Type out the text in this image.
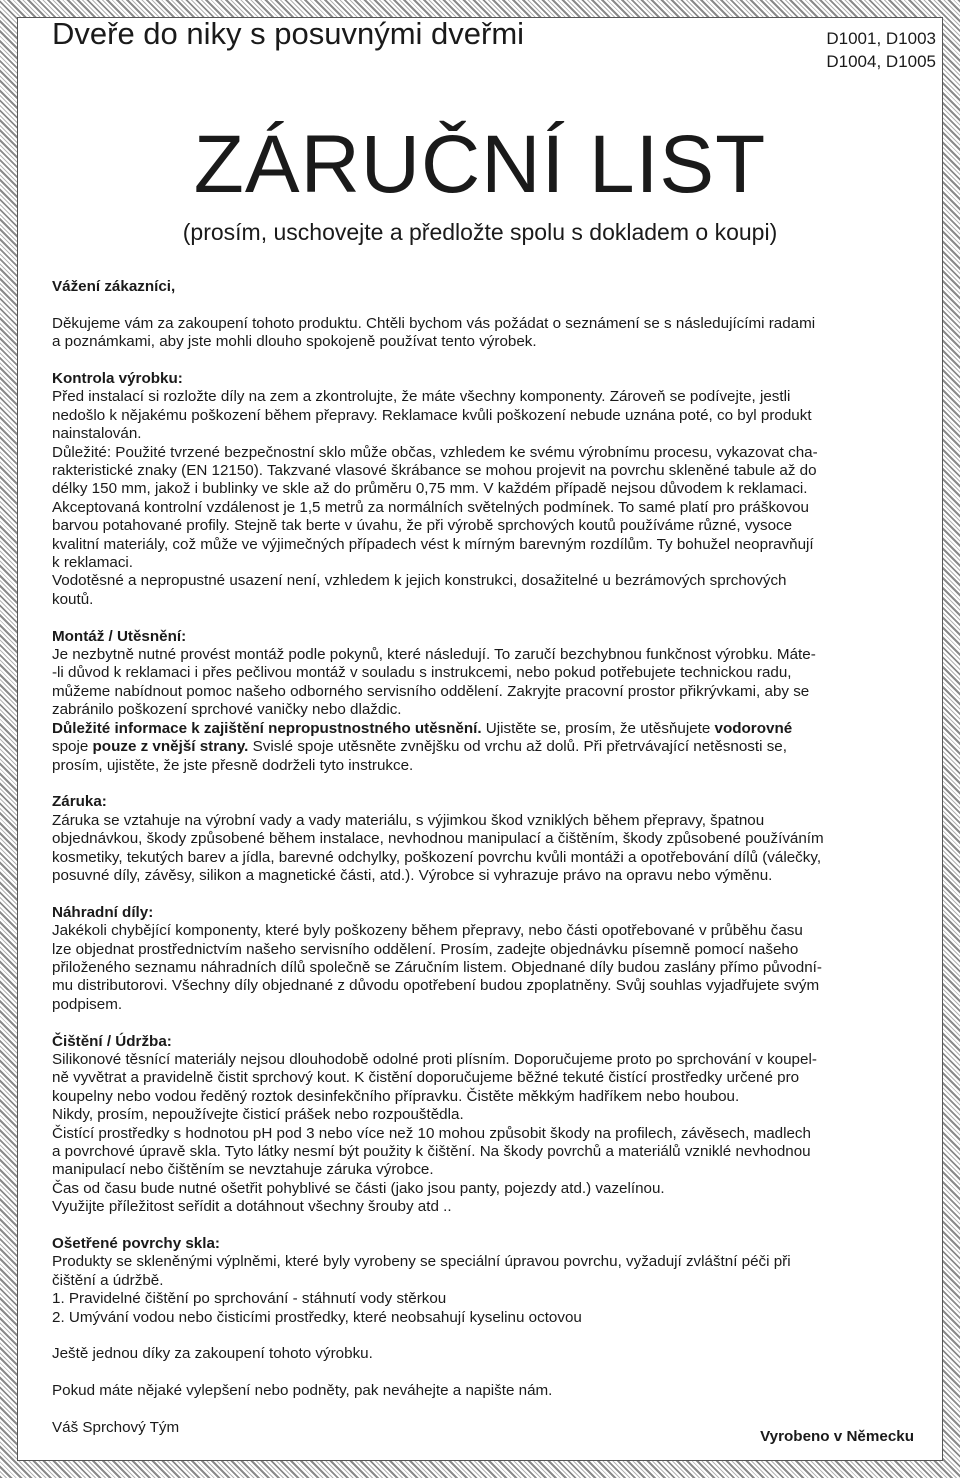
Dveře do niky s posuvnými dveřmi	D1001, D1003
D1004, D1005
ZÁRUČNÍ LIST
(prosím, uschovejte a předložte spolu s dokladem o koupi)

Vážení zákazníci,

Děkujeme vám za zakoupení tohoto produktu. Chtěli bychom vás požádat o seznámení se s následujícími radami

a poznámkami, aby jste mohli dlouho spokojeně používat tento výrobek.

Kontrola výrobku:

Před instalací si rozložte díly na zem a zkontrolujte, že máte všechny komponenty. Zároveň se podívejte, jestli

nedošlo k nějakému poškození během přepravy. Reklamace kvůli poškození nebude uznána poté, co byl produkt

nainstalován.

Důležité: Použité tvrzené bezpečnostní sklo může občas, vzhledem ke svému výrobnímu procesu, vykazovat cha-

rakteristické znaky (EN 12150). Takzvané vlasové škrábance se mohou projevit na povrchu skleněné tabule až do

délky 150 mm, jakož i bublinky ve skle až do průměru 0,75 mm. V každém případě nejsou důvodem k reklamaci.

Akceptovaná kontrolní vzdálenost je 1,5 metrů za normálních světelných podmínek. To samé platí pro práškovou

barvou potahované profily. Stejně tak berte v úvahu, že při výrobě sprchových koutů používáme různé, vysoce

kvalitní materiály, což může ve výjimečných případech vést k mírným barevným rozdílům. Ty bohužel neopravňují

k reklamaci.

Vodotěsné a nepropustné usazení není, vzhledem k jejich konstrukci, dosažitelné u bezrámových sprchových

koutů.

Montáž / Utěsnění:

Je nezbytně nutné provést montáž podle pokynů, které následují. To zaručí bezchybnou funkčnost výrobku. Máte-

-li důvod k reklamaci i přes pečlivou montáž v souladu s instrukcemi, nebo pokud potřebujete technickou radu,

můžeme nabídnout pomoc našeho odborného servisního oddělení. Zakryjte pracovní prostor přikrývkami, aby se

zabránilo poškození sprchové vaničky nebo dlaždic.

Důležité informace k zajištění nepropustnostného utěsnění. Ujistěte se, prosím, že utěsňujete vodorovné

spoje pouze z vnější strany. Svislé spoje utěsněte zvnějšku od vrchu až dolů. Při přetrvávající netěsnosti se,

prosím, ujistěte, že jste přesně dodrželi tyto instrukce.

Záruka:

Záruka se vztahuje na výrobní vady a vady materiálu, s výjimkou škod vzniklých během přepravy, špatnou

objednávkou, škody způsobené během instalace, nevhodnou manipulací a čištěním, škody způsobené používáním

kosmetiky, tekutých barev a jídla, barevné odchylky, poškození povrchu kvůli montáži a opotřebování dílů (válečky,

posuvné díly, závěsy, silikon a magnetické části, atd.). Výrobce si vyhrazuje právo na opravu nebo výměnu.

Náhradní díly:

Jakékoli chybějící komponenty, které byly poškozeny během přepravy, nebo části opotřebované v průběhu času

lze objednat prostřednictvím našeho servisního oddělení. Prosím, zadejte objednávku písemně pomocí našeho

přiloženého seznamu náhradních dílů společně se Záručním listem. Objednané díly budou zaslány přímo původní-

mu distributorovi. Všechny díly objednané z důvodu opotřebení budou zpoplatněny. Svůj souhlas vyjadřujete svým

podpisem.

Čištění / Údržba:

Silikonové těsnící materiály nejsou dlouhodobě odolné proti plísním. Doporučujeme proto po sprchování v koupel-

ně vyvětrat a pravidelně čistit sprchový kout. K čistění doporučujeme běžné tekuté čistící prostředky určené pro

koupelny nebo vodou ředěný roztok desinfekčního přípravku. Čistěte měkkým hadříkem nebo houbou.

Nikdy, prosím, nepoužívejte čisticí prášek nebo rozpouštědla.

Čistící prostředky s hodnotou pH pod 3 nebo více než 10 mohou způsobit škody na profilech, závěsech, madlech

a povrchové úpravě skla. Tyto látky nesmí být použity k čištění. Na škody povrchů a materiálů vzniklé nevhodnou

manipulací nebo čištěním se nevztahuje záruka výrobce.

Čas od času bude nutné ošetřit pohyblivé se části (jako jsou panty, pojezdy atd.) vazelínou.

Využijte příležitost seřídit a dotáhnout všechny šrouby atd ..

Ošetřené povrchy skla:

Produkty se skleněnými výplněmi, které byly vyrobeny se speciální úpravou povrchu, vyžadují zvláštní péči při

čištění a údržbě.

1. Pravidelné čištění po sprchování - stáhnutí vody stěrkou

2. Umývání vodou nebo čisticími prostředky, které neobsahují kyselinu octovou

Ještě jednou díky za zakoupení tohoto výrobku.

Pokud máte nějaké vylepšení nebo podněty, pak neváhejte a napište nám.

Váš Sprchový Tým

Vyrobeno v Německu
